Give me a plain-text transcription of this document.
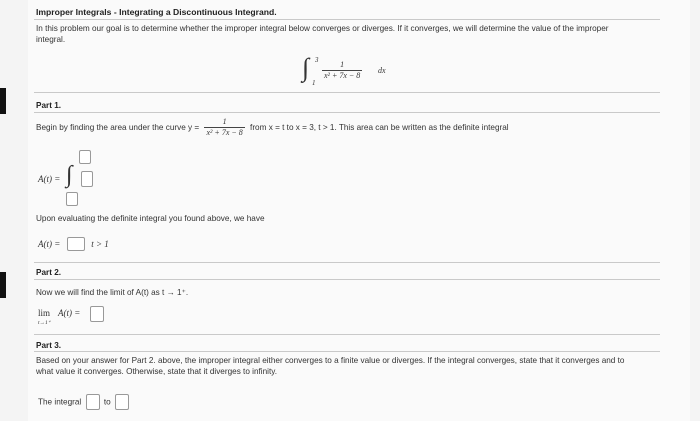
Improper Integrals - Integrating a Discontinuous Integrand.
In this problem our goal is to determine whether the improper integral below converges or diverges. If it converges, we will determine the value of the improper
integral.
∫ 3
1
$\frac{1}{\text{x² + 7x − 8}}$ dx
Part 1.
Begin by finding the area under the curve $y = \frac{1}{\text{x² + 7x − 8}}$ from x = t to x = 3, t > 1. This area can be written as the definite integral
A(t) = ∫
Upon evaluating the definite integral you found above, we have
A(t) =	t > 1
Part 2.
Now we will find the limit of A(t) as t → 1⁺.
lim
t→1⁺
A(t) =
Part 3.
Based on your answer for Part 2. above, the improper integral either converges to a finite value or diverges. If the integral converges, state that it converges and to
what value it converges. Otherwise, state that it diverges to infinity.
The integral	to
